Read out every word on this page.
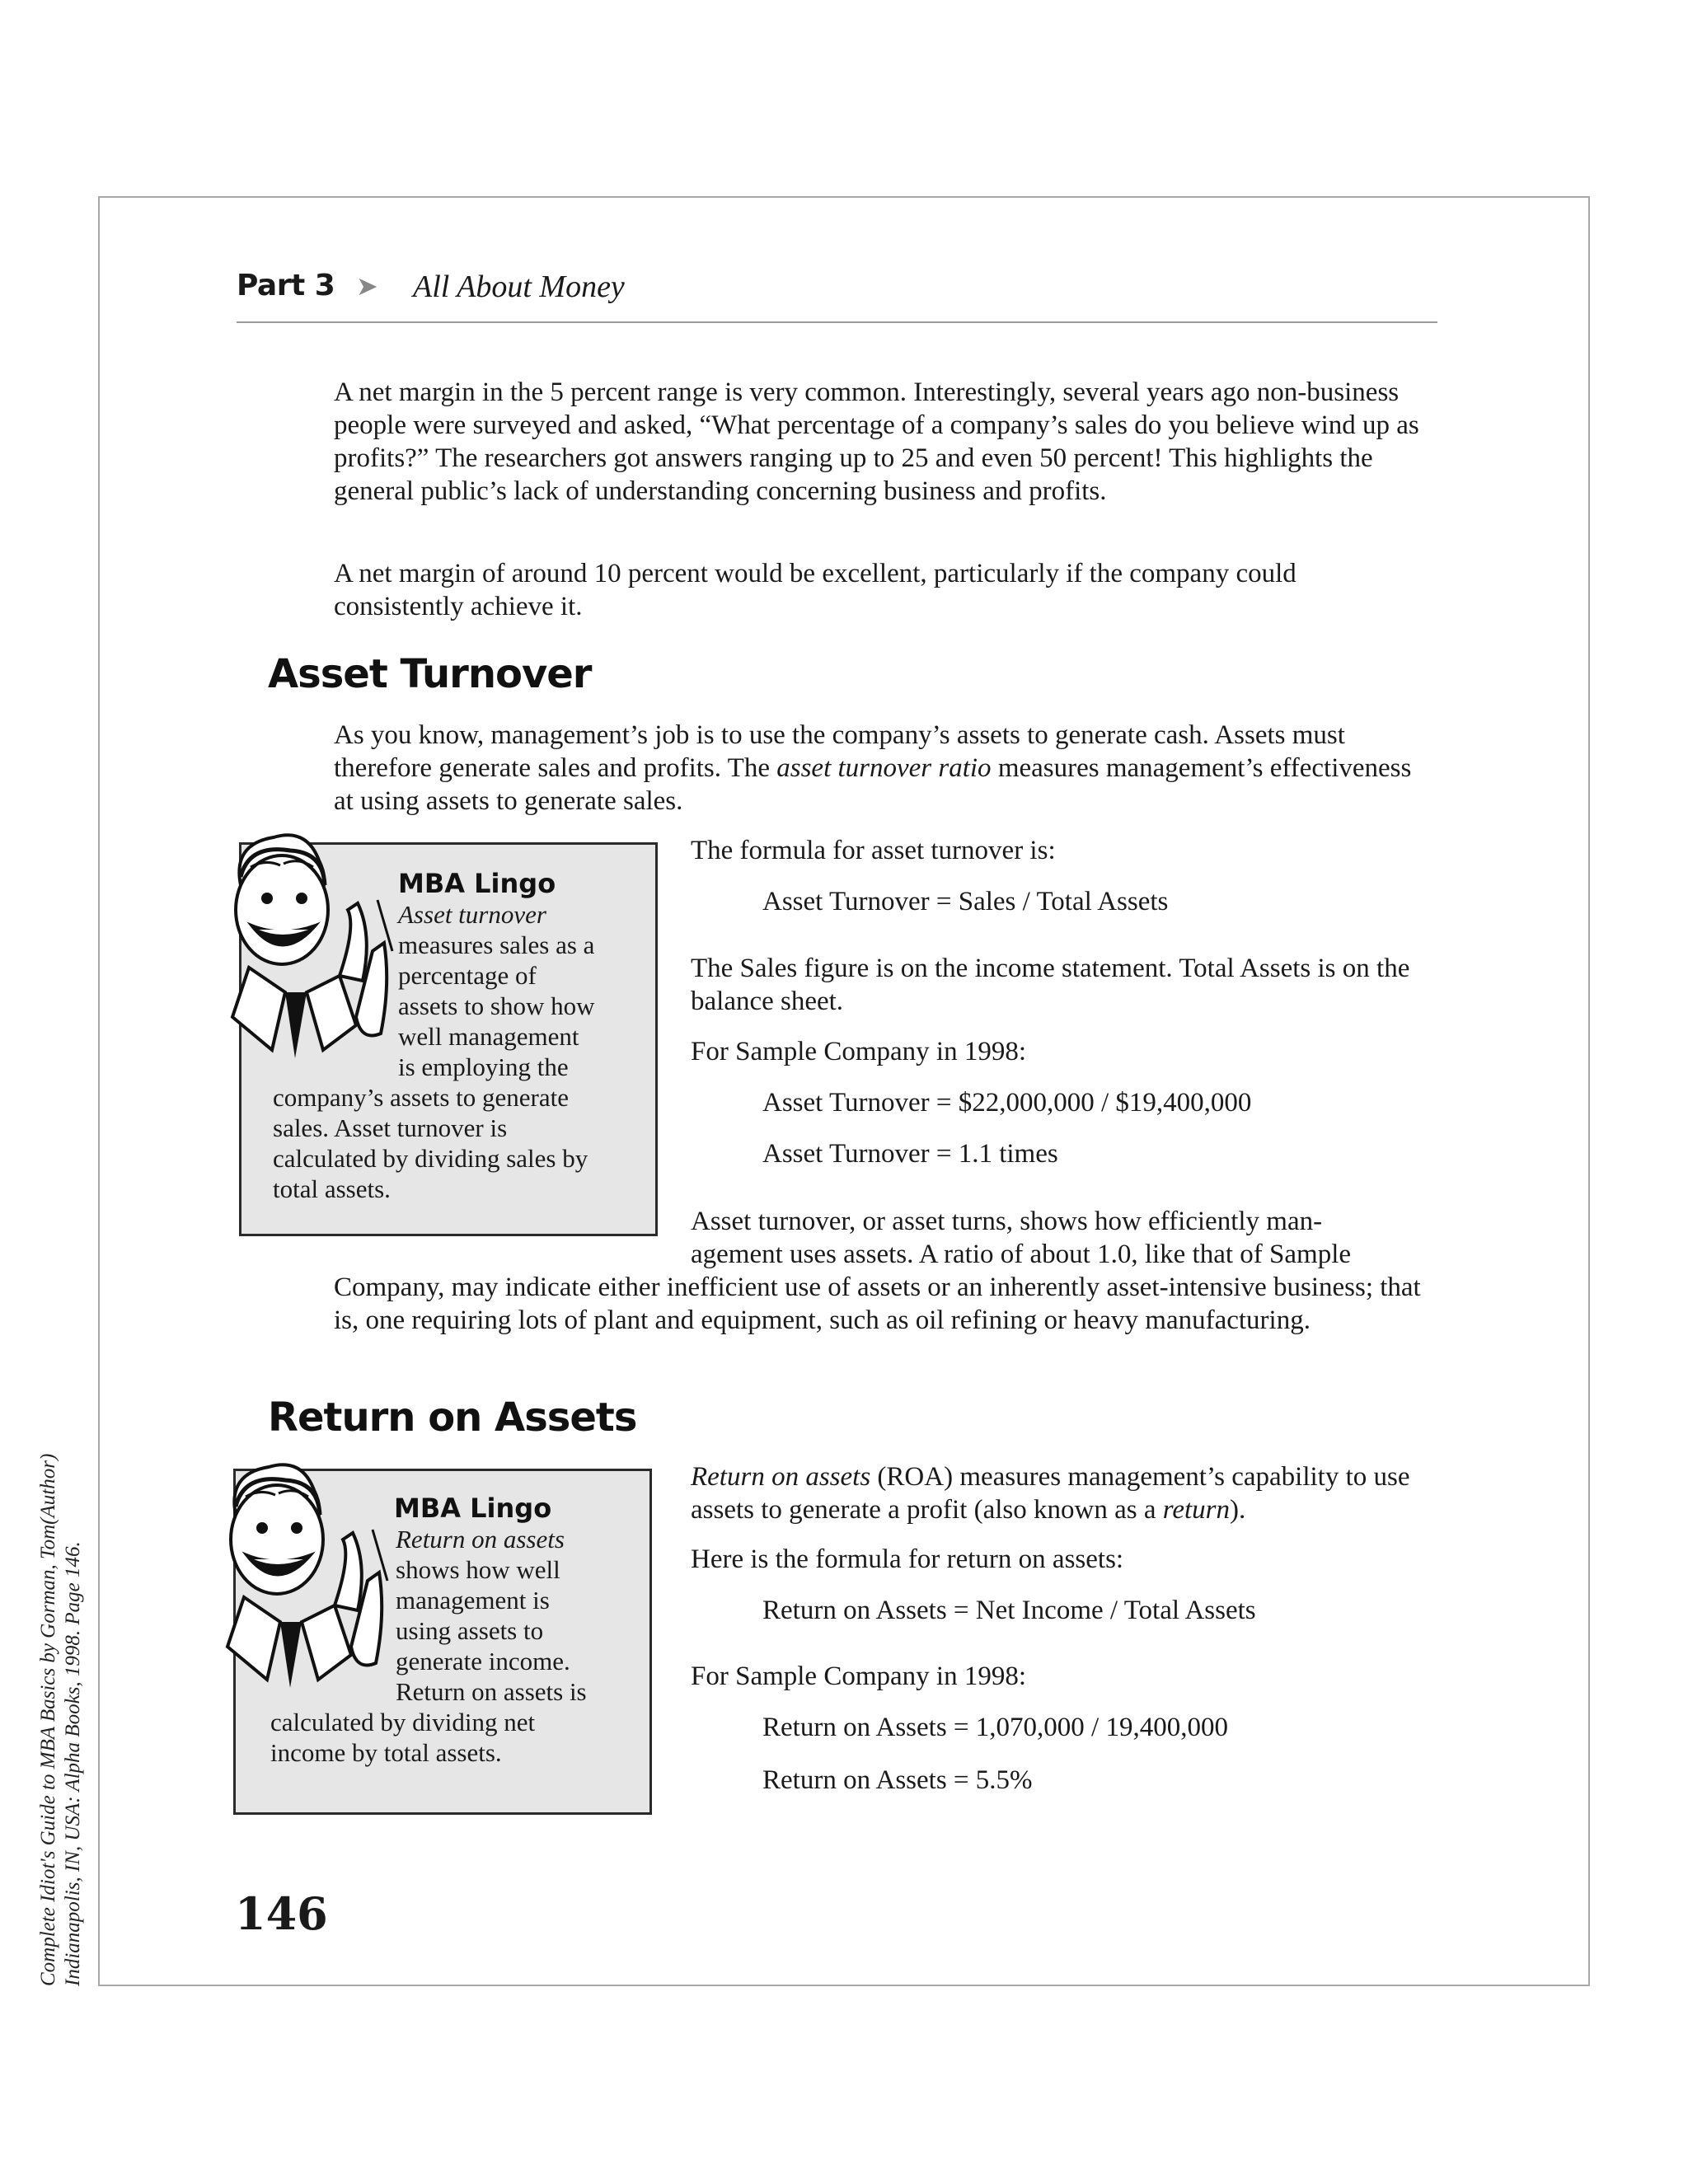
Complete Idiot's Guide to MBA Basics by Gorman, Tom(Author) Indianapolis, IN, USA: Alpha Books, 1998. Page 146.
Part 3 ➤ All About Money

A net margin in the 5 percent range is very common. Interestingly, several years ago non-business people were surveyed and asked, “What percentage of a company’s sales do you believe wind up as profits?” The researchers got answers ranging up to 25 and even 50 percent! This highlights the general public’s lack of understanding concerning business and profits.

A net margin of around 10 percent would be excellent, particularly if the company could consistently achieve it.

Asset Turnover

As you know, management’s job is to use the company’s assets to generate cash. Assets must therefore generate sales and profits. The asset turnover ratio measures management’s effectiveness at using assets to generate sales.

MBA Lingo
Asset turnover
measures sales as a
percentage of
assets to show how
well management
is employing the
company’s assets to generate
sales. Asset turnover is
calculated by dividing sales by
total assets.

The formula for asset turnover is:

Asset Turnover = Sales / Total Assets

The Sales figure is on the income statement. Total Assets is on the balance sheet.

For Sample Company in 1998:

Asset Turnover = $22,000,000 / $19,400,000
Asset Turnover = 1.1 times
Asset turnover, or asset turns, shows how efficiently man-
agement uses assets. A ratio of about 1.0, like that of Sample

Company, may indicate either inefficient use of assets or an inherently asset-intensive business; that is, one requiring lots of plant and equipment, such as oil refining or heavy manufacturing.

Return on Assets
MBA Lingo
Return on assets
shows how well
management is
using assets to
generate income.
Return on assets is
calculated by dividing net
income by total assets.

Return on assets (ROA) measures management’s capability to use assets to generate a profit (also known as a return).

Here is the formula for return on assets:

Return on Assets = Net Income / Total Assets

For Sample Company in 1998:

Return on Assets = 1,070,000 / 19,400,000
Return on Assets = 5.5%
146
